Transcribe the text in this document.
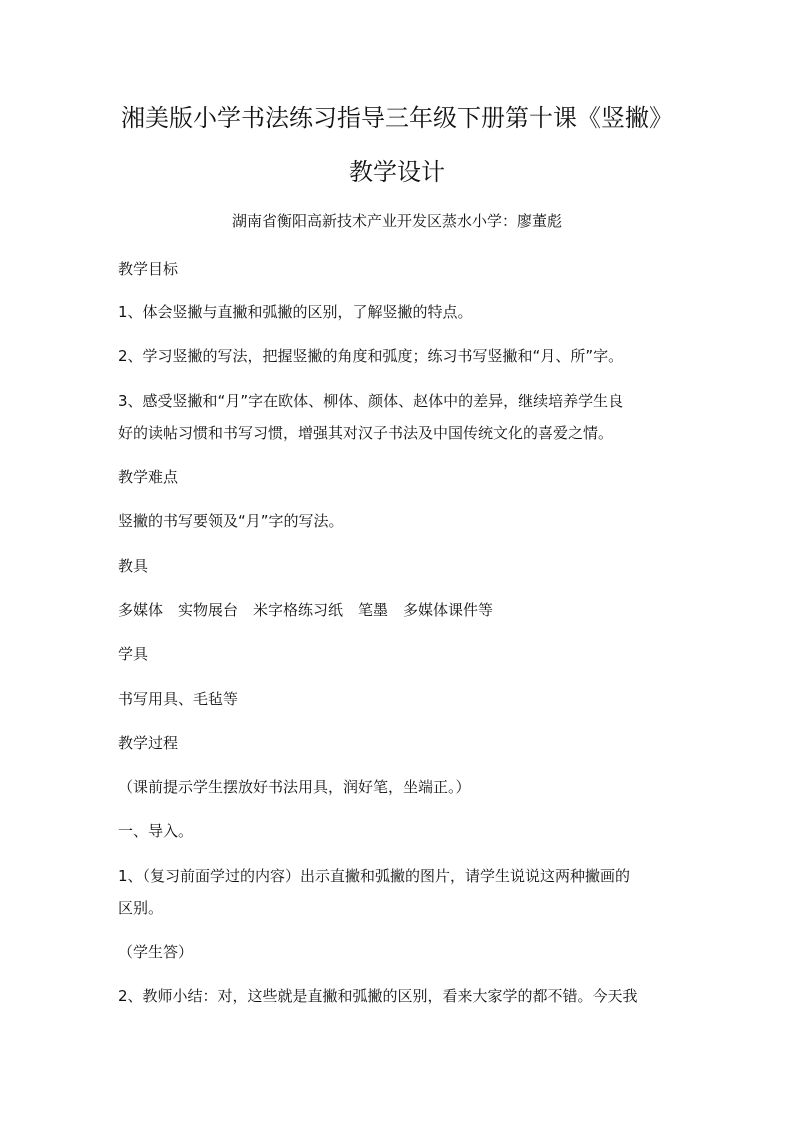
湘美版小学书法练习指导三年级下册第十课《竖撇》
教学设计
湖南省衡阳高新技术产业开发区蒸水小学：廖董彪
教学目标
1、体会竖撇与直撇和弧撇的区别，了解竖撇的特点。
2、学习竖撇的写法，把握竖撇的角度和弧度；练习书写竖撇和“月、所”字。
3、感受竖撇和“月”字在欧体、柳体、颜体、赵体中的差异，继续培养学生良
好的读帖习惯和书写习惯，增强其对汉子书法及中国传统文化的喜爱之情。
教学难点
竖撇的书写要领及“月”字的写法。
教具
多媒体　实物展台　米字格练习纸　笔墨　多媒体课件等
学具
书写用具、毛毡等
教学过程
（课前提示学生摆放好书法用具，润好笔，坐端正。）
一、导入。
1、（复习前面学过的内容）出示直撇和弧撇的图片，请学生说说这两种撇画的
区别。
（学生答）
2、教师小结：对，这些就是直撇和弧撇的区别，看来大家学的都不错。今天我
